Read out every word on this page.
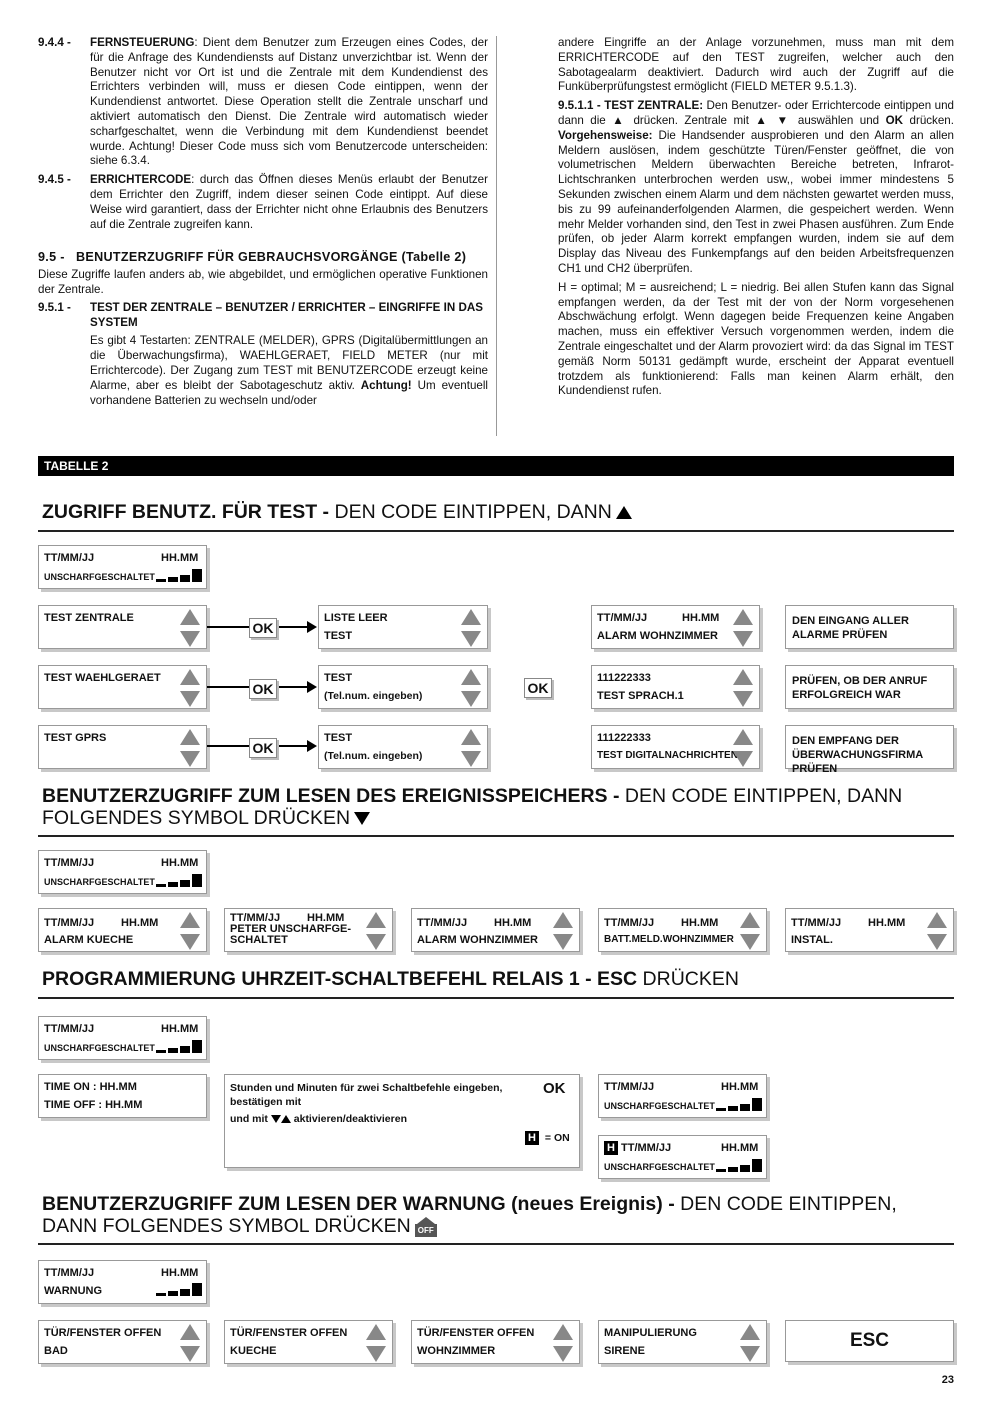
9.4.4 -	FERNSTEUERUNG: Dient dem Benutzer zum Erzeugen eines Codes, der für die Anfrage des Kundendiensts auf Distanz unverzichtbar ist. Wenn der Benutzer nicht vor Ort ist und die Zentrale mit dem Kundendienst des Errichters verbinden will, muss er diesen Code eintippen, wenn der Kundendienst antwortet. Diese Operation stellt die Zentrale unscharf und aktiviert automatisch den Dienst. Die Zentrale wird automatisch wieder scharfgeschaltet, wenn die Verbindung mit dem Kundendienst beendet wurde. Achtung! Dieser Code muss sich vom Benutzercode unterscheiden: siehe 6.3.4.
9.4.5 -	ERRICHTERCODE: durch das Öffnen dieses Menüs erlaubt der Benutzer dem Errichter den Zugriff, indem dieser seinen Code eintippt. Auf diese Weise wird garantiert, dass der Errichter nicht ohne Erlaubnis des Benutzers auf die Zentrale zugreifen kann.
9.5 - BENUTZERZUGRIFF FÜR GEBRAUCHSVORGÄNGE (Tabelle 2)
Diese Zugriffe laufen anders ab, wie abgebildet, und ermöglichen operative Funktionen der Zentrale.
9.5.1 -	TEST DER ZENTRALE – BENUTZER / ERRICHTER – EINGRIFFE IN DAS SYSTEM
Es gibt 4 Testarten: ZENTRALE (MELDER), GPRS (Digitalübermittlungen an die Überwachungsfirma), WAEHLGERAET, FIELD METER (nur mit Errichtercode). Der Zugang zum TEST mit BENUTZERCODE erzeugt keine Alarme, aber es bleibt der Sabotageschutz aktiv. Achtung! Um eventuell vorhandene Batterien zu wechseln und/oder
andere Eingriffe an der Anlage vorzunehmen, muss man mit dem ERRICHTERCODE auf den TEST zugreifen, welcher auch den Sabotagealarm deaktiviert. Dadurch wird auch der Zugriff auf die Funküberprüfungstest ermöglicht (FIELD METER 9.5.1.3).
9.5.1.1 - TEST ZENTRALE: Den Benutzer- oder Errichtercode eintippen und dann die ▲ drücken. Zentrale mit ▲ ▼ auswählen und OK drücken. Vorgehensweise: Die Handsender ausprobieren und den Alarm an allen Meldern auslösen, indem geschützte Türen/Fenster geöffnet, die von volumetrischen Meldern überwachten Bereiche betreten, Infrarot-Lichtschranken unterbrochen werden usw,, wobei immer mindestens 5 Sekunden zwischen einem Alarm und dem nächsten gewartet werden muss, bis zu 99 aufeinanderfolgenden Alarmen, die gespeichert werden. Wenn mehr Melder vorhanden sind, den Test in zwei Phasen ausführen. Zum Ende prüfen, ob jeder Alarm korrekt empfangen wurden, indem sie auf dem Display das Niveau des Funkempfangs auf den beiden Arbeitsfrequenzen CH1 und CH2 überprüfen.
H = optimal; M = ausreichend; L = niedrig. Bei allen Stufen kann das Signal empfangen werden, da der Test mit der von der Norm vorgesehenen Abschwächung erfolgt. Wenn dagegen beide Frequenzen keine Angaben machen, muss ein effektiver Versuch vorgenommen werden, indem die Zentrale eingeschaltet und der Alarm provoziert wird: da das Signal im TEST gemäß Norm 50131 gedämpft wurde, erscheint der Apparat eventuell trotzdem als funktionierend: Falls man keinen Alarm erhält, den Kundendienst rufen.
TABELLE 2
ZUGRIFF BENUTZ. FÜR TEST - DEN CODE EINTIPPEN, DANN
TT/MM/JJ	HH.MM
UNSCHARFGESCHALTET
TEST ZENTRALE
OK
LISTE LEER
TEST
TT/MM/JJ	HH.MM
ALARM WOHNZIMMER
DEN EINGANG ALLER ALARME PRÜFEN
TEST WAEHLGERAET
OK
TEST
(Tel.num. eingeben)	OK
111222333
TEST SPRACH.1
PRÜFEN, OB DER ANRUF ERFOLGREICH WAR
TEST GPRS
OK
TEST
(Tel.num. eingeben)
111222333
TEST DIGITALNACHRICHTEN
DEN EMPFANG DER ÜBERWACHUNGSFIRMA PRÜFEN
BENUTZERZUGRIFF ZUM LESEN DES EREIGNISSPEICHERS - DEN CODE EINTIPPEN, DANN
FOLGENDES SYMBOL DRÜCKEN
TT/MM/JJ	HH.MM
UNSCHARFGESCHALTET
TT/MM/JJ HH.MM
ALARM KUECHE
TT/MM/JJ HH.MM
PETER UNSCHARFGE-
SCHALTET
TT/MM/JJ HH.MM
ALARM WOHNZIMMER
TT/MM/JJ HH.MM
BATT.MELD.WOHNZIMMER
TT/MM/JJ HH.MM
INSTAL.
PROGRAMMIERUNG UHRZEIT-SCHALTBEFEHL RELAIS 1 - ESC DRÜCKEN
TT/MM/JJ	HH.MM
UNSCHARFGESCHALTET
TIME ON : HH.MM
TIME OFF : HH.MM
Stunden und Minuten für zwei Schaltbefehle eingeben, bestätigen mit
OK
und mit  aktivieren/deaktivieren
H = ON
TT/MM/JJ	HH.MM
UNSCHARFGESCHALTET
H TT/MM/JJ	HH.MM
UNSCHARFGESCHALTET
BENUTZERZUGRIFF ZUM LESEN DER WARNUNG (neues Ereignis) - DEN CODE EINTIPPEN,
DANN FOLGENDES SYMBOL DRÜCKEN OFF
TT/MM/JJ	HH.MM
WARNUNG
TÜR/FENSTER OFFEN
BAD
TÜR/FENSTER OFFEN
KUECHE
TÜR/FENSTER OFFEN
WOHNZIMMER
MANIPULIERUNG
SIRENE	ESC
23
